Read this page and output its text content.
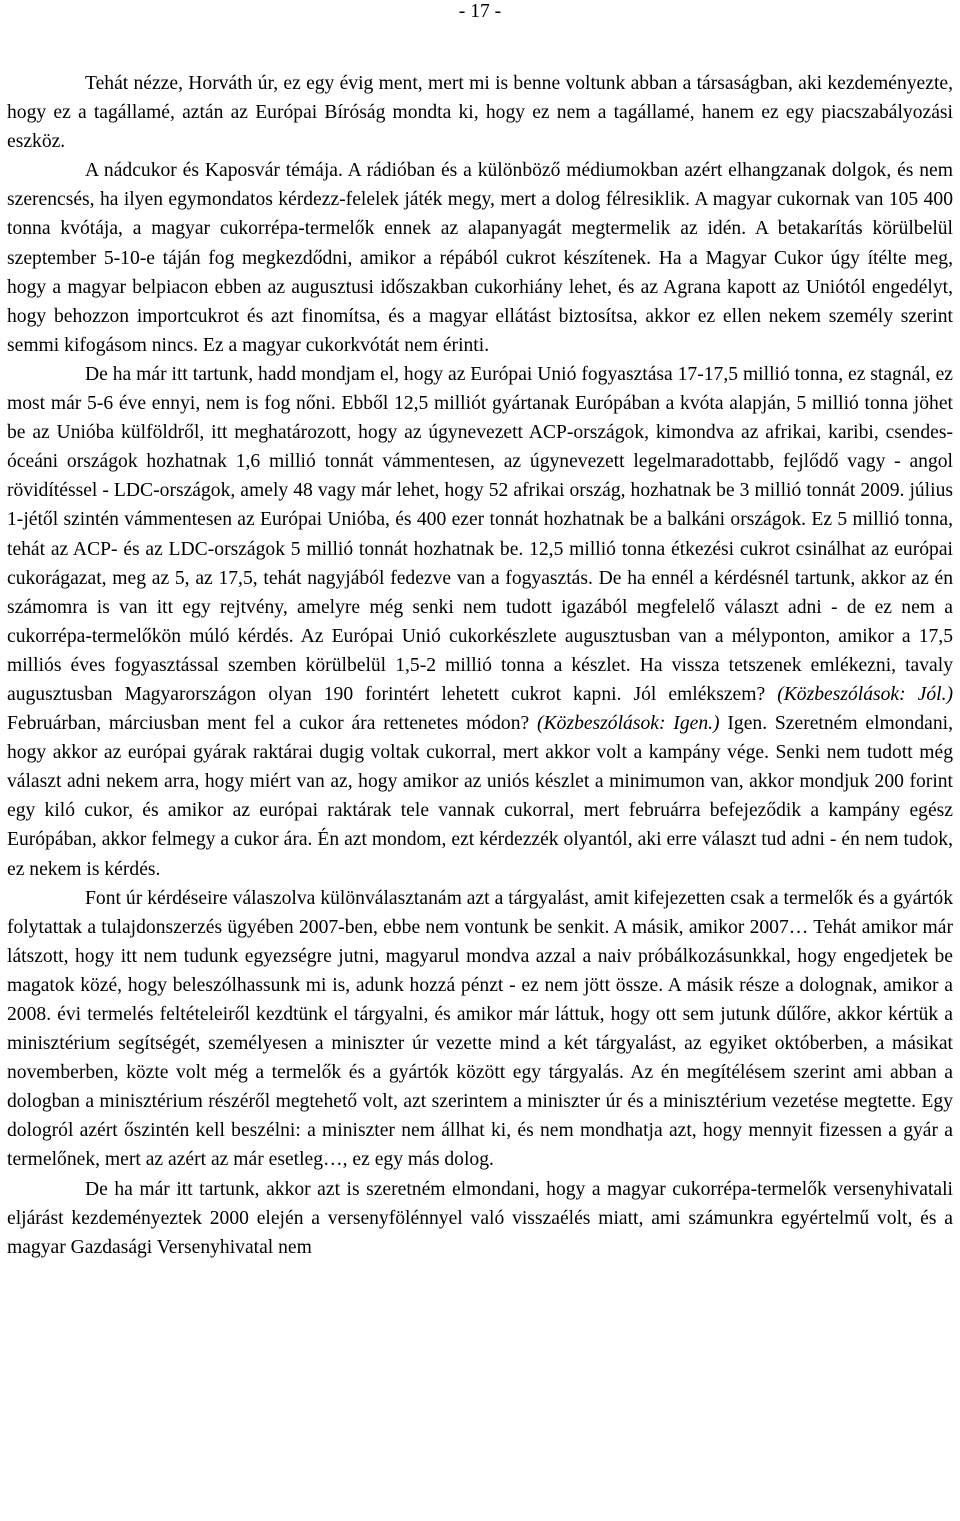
- 17 -

Tehát nézze, Horváth úr, ez egy évig ment, mert mi is benne voltunk abban a társaságban, aki kezdeményezte, hogy ez a tagállamé, aztán az Európai Bíróság mondta ki, hogy ez nem a tagállamé, hanem ez egy piacszabályozási eszköz.

A nádcukor és Kaposvár témája. A rádióban és a különböző médiumokban azért elhangzanak dolgok, és nem szerencsés, ha ilyen egymondatos kérdezz-felelek játék megy, mert a dolog félresiklik. A magyar cukornak van 105 400 tonna kvótája, a magyar cukorrépa-termelők ennek az alapanyagát megtermelik az idén. A betakarítás körülbelül szeptember 5-10-e táján fog megkezdődni, amikor a répából cukrot készítenek. Ha a Magyar Cukor úgy ítélte meg, hogy a magyar belpiacon ebben az augusztusi időszakban cukorhiány lehet, és az Agrana kapott az Uniótól engedélyt, hogy behozzon importcukrot és azt finomítsa, és a magyar ellátást biztosítsa, akkor ez ellen nekem személy szerint semmi kifogásom nincs. Ez a magyar cukorkvótát nem érinti.

De ha már itt tartunk, hadd mondjam el, hogy az Európai Unió fogyasztása 17-17,5 millió tonna, ez stagnál, ez most már 5-6 éve ennyi, nem is fog nőni. Ebből 12,5 milliót gyártanak Európában a kvóta alapján, 5 millió tonna jöhet be az Unióba külföldről, itt meghatározott, hogy az úgynevezett ACP-országok, kimondva az afrikai, karibi, csendes-óceáni országok hozhatnak 1,6 millió tonnát vámmentesen, az úgynevezett legelmaradottabb, fejlődő vagy - angol rövidítéssel - LDC-országok, amely 48 vagy már lehet, hogy 52 afrikai ország, hozhatnak be 3 millió tonnát 2009. július 1-jétől szintén vámmentesen az Európai Unióba, és 400 ezer tonnát hozhatnak be a balkáni országok. Ez 5 millió tonna, tehát az ACP- és az LDC-országok 5 millió tonnát hozhatnak be. 12,5 millió tonna étkezési cukrot csinálhat az európai cukorágazat, meg az 5, az 17,5, tehát nagyjából fedezve van a fogyasztás. De ha ennél a kérdésnél tartunk, akkor az én számomra is van itt egy rejtvény, amelyre még senki nem tudott igazából megfelelő választ adni - de ez nem a cukorrépa-termelőkön múló kérdés. Az Európai Unió cukorkészlete augusztusban van a mélyponton, amikor a 17,5 milliós éves fogyasztással szemben körülbelül 1,5-2 millió tonna a készlet. Ha vissza tetszenek emlékezni, tavaly augusztusban Magyarországon olyan 190 forintért lehetett cukrot kapni. Jól emlékszem? (Közbeszólások: Jól.) Februárban, márciusban ment fel a cukor ára rettenetes módon? (Közbeszólások: Igen.) Igen. Szeretném elmondani, hogy akkor az európai gyárak raktárai dugig voltak cukorral, mert akkor volt a kampány vége. Senki nem tudott még választ adni nekem arra, hogy miért van az, hogy amikor az uniós készlet a minimumon van, akkor mondjuk 200 forint egy kiló cukor, és amikor az európai raktárak tele vannak cukorral, mert februárra befejeződik a kampány egész Európában, akkor felmegy a cukor ára. Én azt mondom, ezt kérdezzék olyantól, aki erre választ tud adni - én nem tudok, ez nekem is kérdés.

Font úr kérdéseire válaszolva különválasztanám azt a tárgyalást, amit kifejezetten csak a termelők és a gyártók folytattak a tulajdonszerzés ügyében 2007-ben, ebbe nem vontunk be senkit. A másik, amikor 2007… Tehát amikor már látszott, hogy itt nem tudunk egyezségre jutni, magyarul mondva azzal a naiv próbálkozásunkkal, hogy engedjetek be magatok közé, hogy beleszólhassunk mi is, adunk hozzá pénzt - ez nem jött össze. A másik része a dolognak, amikor a 2008. évi termelés feltételeiről kezdtünk el tárgyalni, és amikor már láttuk, hogy ott sem jutunk dűlőre, akkor kértük a minisztérium segítségét, személyesen a miniszter úr vezette mind a két tárgyalást, az egyiket októberben, a másikat novemberben, közte volt még a termelők és a gyártók között egy tárgyalás. Az én megítélésem szerint ami abban a dologban a minisztérium részéről megtehető volt, azt szerintem a miniszter úr és a minisztérium vezetése megtette. Egy dologról azért őszintén kell beszélni: a miniszter nem állhat ki, és nem mondhatja azt, hogy mennyit fizessen a gyár a termelőnek, mert az azért az már esetleg…, ez egy más dolog.

De ha már itt tartunk, akkor azt is szeretném elmondani, hogy a magyar cukorrépa-termelők versenyhivatali eljárást kezdeményeztek 2000 elején a versenyfölénnyel való visszaélés miatt, ami számunkra egyértelmű volt, és a magyar Gazdasági Versenyhivatal nem
